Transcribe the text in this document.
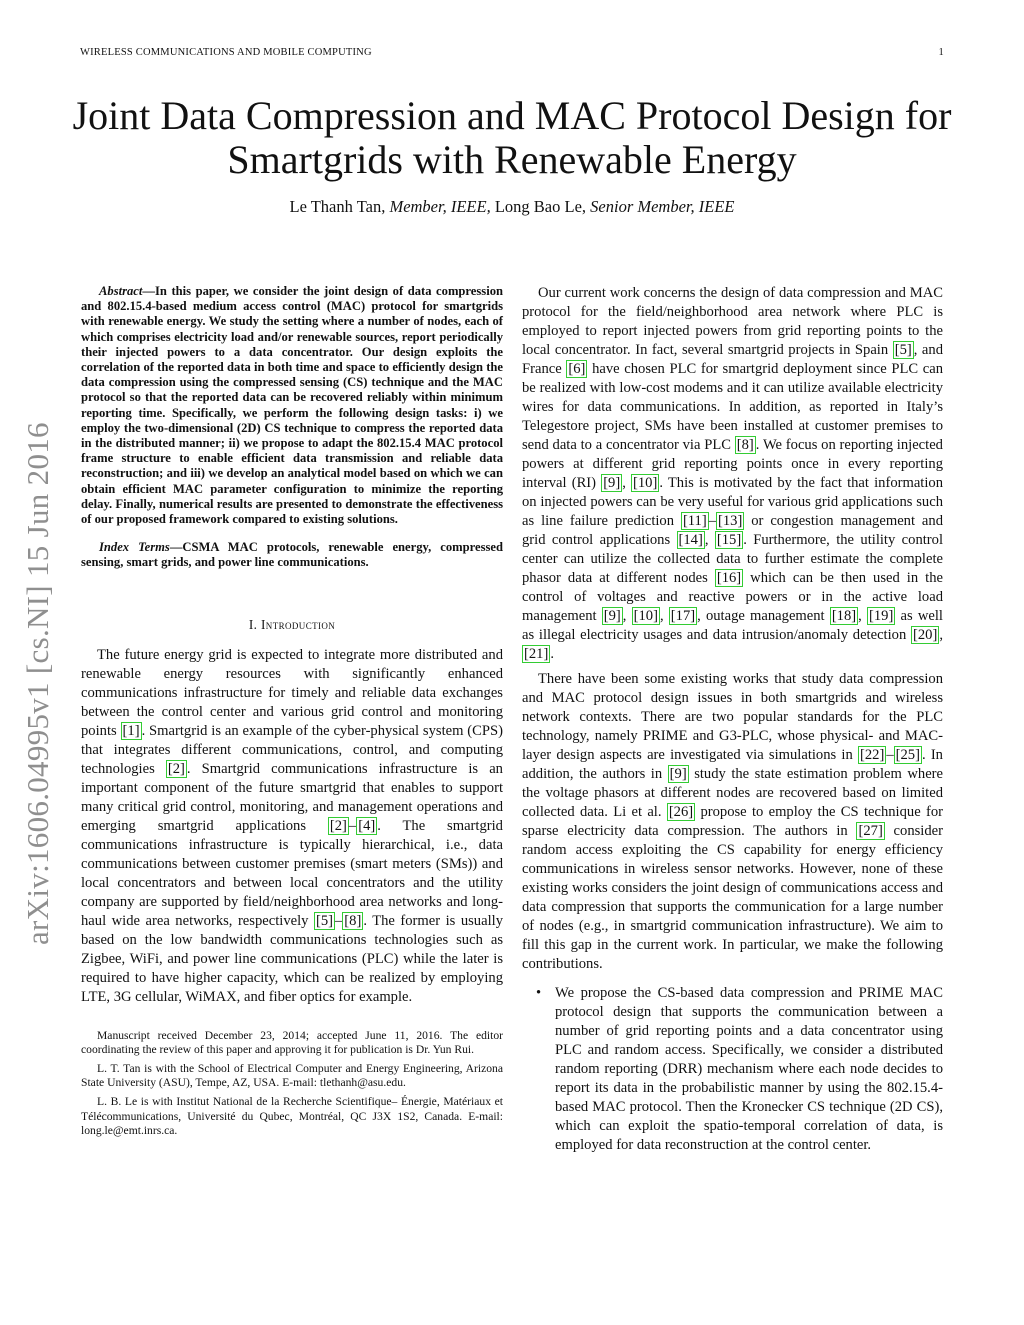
WIRELESS COMMUNICATIONS AND MOBILE COMPUTING	1
arXiv:1606.04995v1 [cs.NI] 15 Jun 2016
Joint Data Compression and MAC Protocol Design for Smartgrids with Renewable Energy
Le Thanh Tan, Member, IEEE, Long Bao Le, Senior Member, IEEE

Abstract—In this paper, we consider the joint design of data compression and 802.15.4-based medium access control (MAC) protocol for smartgrids with renewable energy. We study the setting where a number of nodes, each of which comprises electricity load and/or renewable sources, report periodically their injected powers to a data concentrator. Our design exploits the correlation of the reported data in both time and space to efficiently design the data compression using the compressed sensing (CS) technique and the MAC protocol so that the reported data can be recovered reliably within minimum reporting time. Specifically, we perform the following design tasks: i) we employ the two-dimensional (2D) CS technique to compress the reported data in the distributed manner; ii) we propose to adapt the 802.15.4 MAC protocol frame structure to enable efficient data transmission and reliable data reconstruction; and iii) we develop an analytical model based on which we can obtain efficient MAC parameter configuration to minimize the reporting delay. Finally, numerical results are presented to demonstrate the effectiveness of our proposed framework compared to existing solutions.

Index Terms—CSMA MAC protocols, renewable energy, compressed sensing, smart grids, and power line communications.

I. Introduction

The future energy grid is expected to integrate more distributed and renewable energy resources with significantly enhanced communications infrastructure for timely and reliable data exchanges between the control center and various grid control and monitoring points [1] . Smartgrid is an example of the cyber-physical system (CPS) that integrates different communications, control, and computing technologies [2] . Smartgrid communications infrastructure is an important component of the future smartgrid that enables to support many critical grid control, monitoring, and management operations and emerging smartgrid applications [2] – [4] . The smartgrid communications infrastructure is typically hierarchical, i.e., data communications between customer premises (smart meters (SMs)) and local concentrators and between local concentrators and the utility company are supported by field/neighborhood area networks and long-haul wide area networks, respectively [5] – [8] . The former is usually based on the low bandwidth communications technologies such as Zigbee, WiFi, and power line communications (PLC) while the later is required to have higher capacity, which can be realized by employing LTE, 3G cellular, WiMAX, and fiber optics for example.

Manuscript received December 23, 2014; accepted June 11, 2016. The editor coordinating the review of this paper and approving it for publication is Dr. Yun Rui.

L. T. Tan is with the School of Electrical Computer and Energy Engineering, Arizona State University (ASU), Tempe, AZ, USA. E-mail: tlethanh@asu.edu.

L. B. Le is with Institut National de la Recherche Scientifique– Énergie, Matériaux et Télécommunications, Université du Qubec, Montréal, QC J3X 1S2, Canada. E-mail: long.le@emt.inrs.ca.

Our current work concerns the design of data compression and MAC protocol for the field/neighborhood area network where PLC is employed to report injected powers from grid reporting points to the local concentrator. In fact, several smartgrid projects in Spain [5] , and France [6] have chosen PLC for smartgrid deployment since PLC can be realized with low-cost modems and it can utilize available electricity wires for data communications. In addition, as reported in Italy’s Telegestore project, SMs have been installed at customer premises to send data to a concentrator via PLC [8] . We focus on reporting injected powers at different grid reporting points once in every reporting interval (RI) [9] , [10] . This is motivated by the fact that information on injected powers can be very useful for various grid applications such as line failure prediction [11] – [13] or congestion management and grid control applications [14] , [15] . Furthermore, the utility control center can utilize the collected data to further estimate the complete phasor data at different nodes [16] which can be then used in the control of voltages and reactive powers or in the active load management [9] , [10] , [17] , outage management [18] , [19] as well as illegal electricity usages and data intrusion/anomaly detection [20] , [21] .

There have been some existing works that study data compression and MAC protocol design issues in both smartgrids and wireless network contexts. There are two popular standards for the PLC technology, namely PRIME and G3-PLC, whose physical- and MAC-layer design aspects are investigated via simulations in [22] – [25] . In addition, the authors in [9] study the state estimation problem where the voltage phasors at different nodes are recovered based on limited collected data. Li et al. [26] propose to employ the CS technique for sparse electricity data compression. The authors in [27] consider random access exploiting the CS capability for energy efficiency communications in wireless sensor networks. However, none of these existing works considers the joint design of communications access and data compression that supports the communication for a large number of nodes (e.g., in smartgrid communication infrastructure). We aim to fill this gap in the current work. In particular, we make the following contributions.

• We propose the CS-based data compression and PRIME MAC protocol design that supports the communication between a number of grid reporting points and a data concentrator using PLC and random access. Specifically, we consider a distributed random reporting (DRR) mechanism where each node decides to report its data in the probabilistic manner by using the 802.15.4-based MAC protocol. Then the Kronecker CS technique (2D CS), which can exploit the spatio-temporal correlation of data, is employed for data reconstruction at the control center.
